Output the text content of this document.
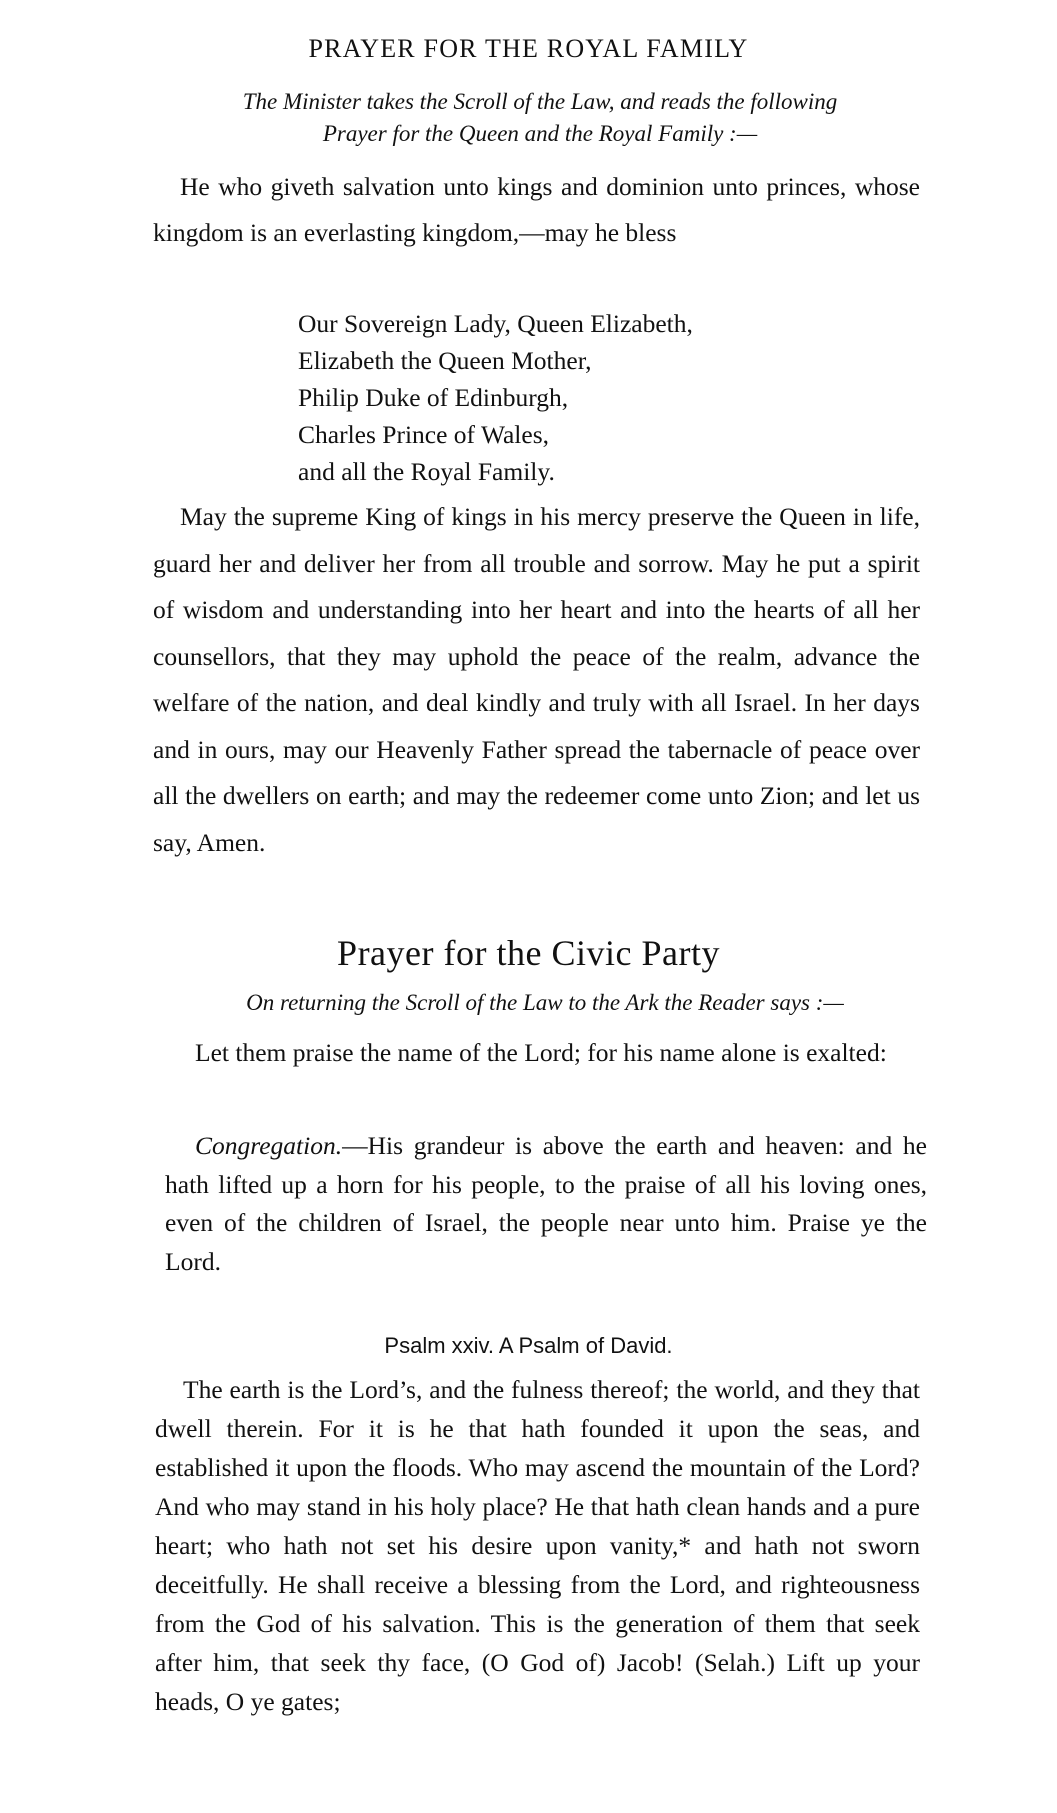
PRAYER FOR THE ROYAL FAMILY
The Minister takes the Scroll of the Law, and reads the following
Prayer for the Queen and the Royal Family :—

He who giveth salvation unto kings and dominion unto princes, whose kingdom is an everlasting kingdom,—may he bless

Our Sovereign Lady, Queen Elizabeth,
Elizabeth the Queen Mother,
Philip Duke of Edinburgh,
Charles Prince of Wales,
and all the Royal Family.

May the supreme King of kings in his mercy preserve the Queen in life, guard her and deliver her from all trouble and sorrow. May he put a spirit of wisdom and understanding into her heart and into the hearts of all her counsellors, that they may uphold the peace of the realm, advance the welfare of the nation, and deal kindly and truly with all Israel. In her days and in ours, may our Heavenly Father spread the tabernacle of peace over all the dwellers on earth; and may the redeemer come unto Zion; and let us say, Amen.

Prayer for the Civic Party
On returning the Scroll of the Law to the Ark the Reader says :—

Let them praise the name of the Lord; for his name alone is exalted:

Congregation.—His grandeur is above the earth and heaven: and he hath lifted up a horn for his people, to the praise of all his loving ones, even of the children of Israel, the people near unto him. Praise ye the Lord.

Psalm xxiv. A Psalm of David.

The earth is the Lord’s, and the fulness thereof; the world, and they that dwell therein. For it is he that hath founded it upon the seas, and established it upon the floods. Who may ascend the mountain of the Lord? And who may stand in his holy place? He that hath clean hands and a pure heart; who hath not set his desire upon vanity,* and hath not sworn deceitfully. He shall receive a blessing from the Lord, and righteousness from the God of his salvation. This is the generation of them that seek after him, that seek thy face, (O God of) Jacob! (Selah.) Lift up your heads, O ye gates;
